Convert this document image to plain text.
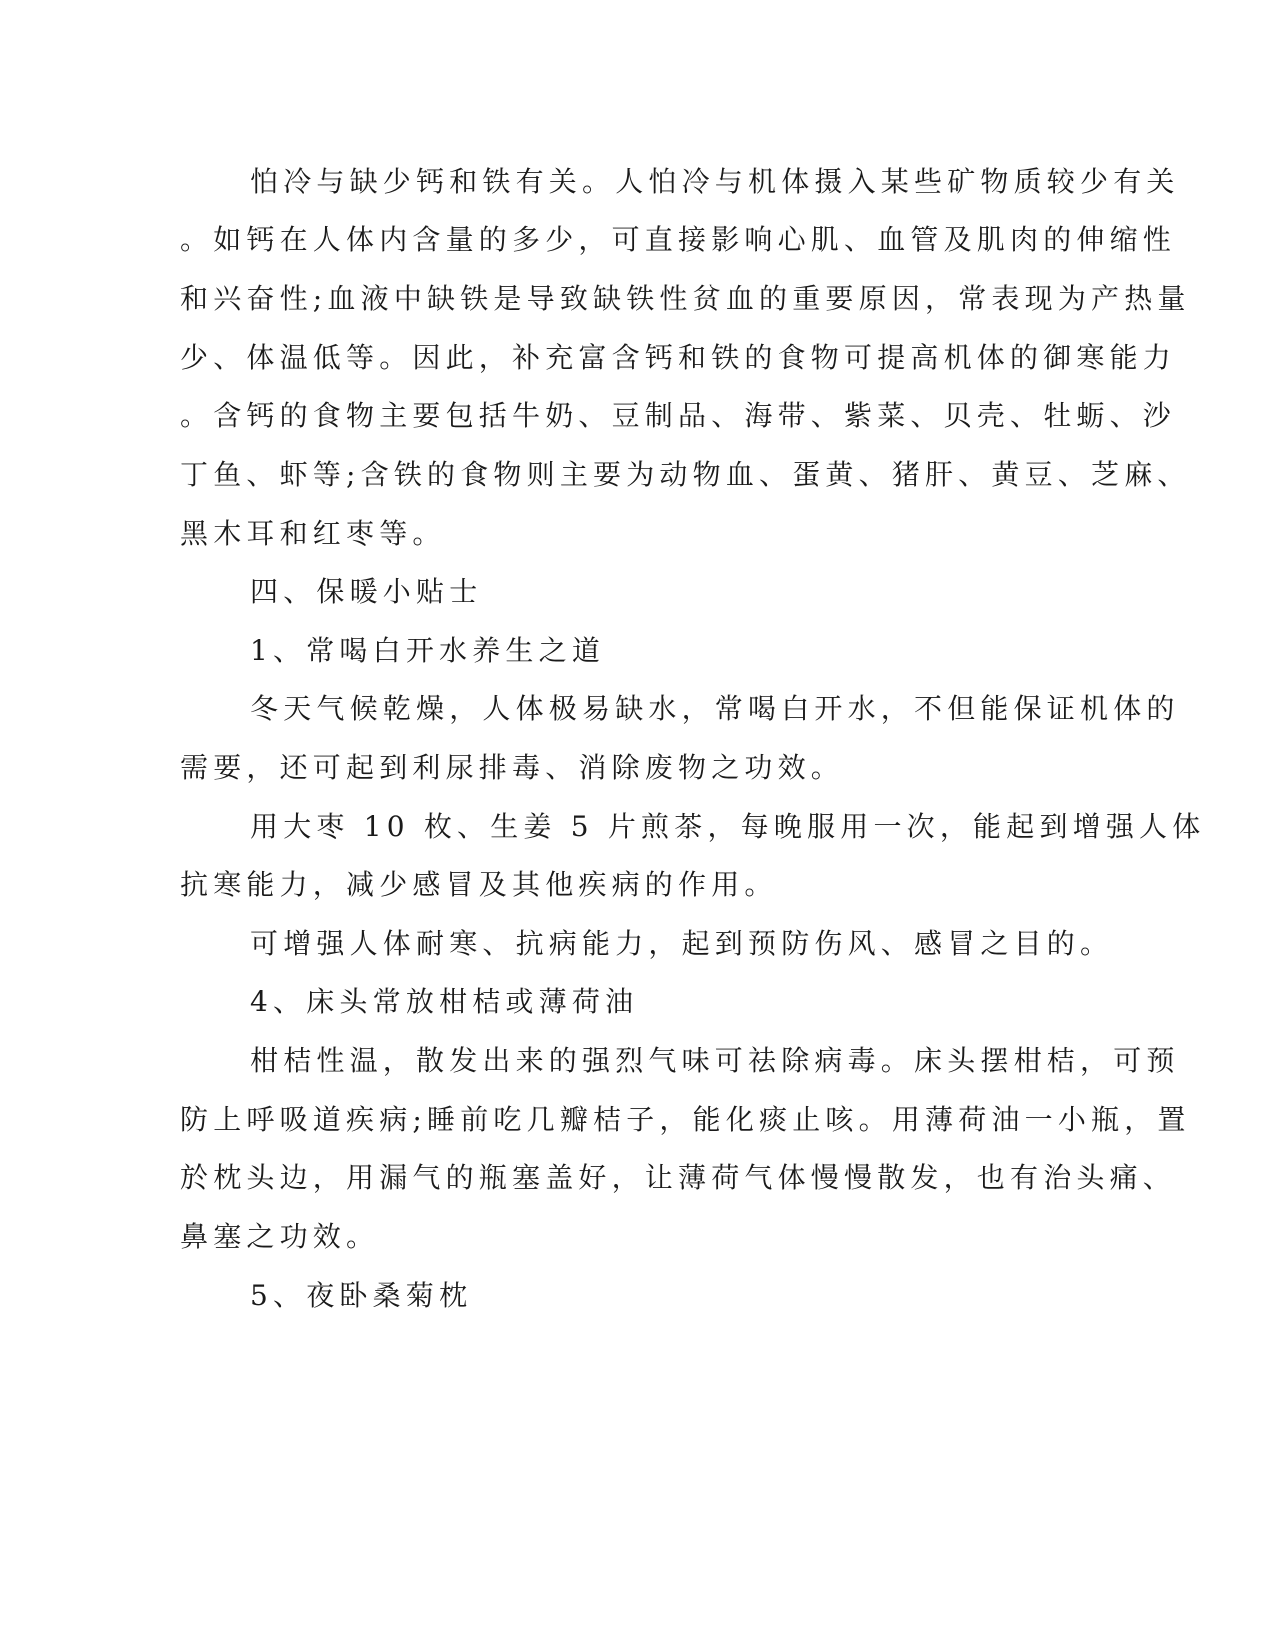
怕冷与缺少钙和铁有关。人怕冷与机体摄入某些矿物质较少有关
。如钙在人体内含量的多少，可直接影响心肌、血管及肌肉的伸缩性
和兴奋性;血液中缺铁是导致缺铁性贫血的重要原因，常表现为产热量
少、体温低等。因此，补充富含钙和铁的食物可提高机体的御寒能力
。含钙的食物主要包括牛奶、豆制品、海带、紫菜、贝壳、牡蛎、沙
丁鱼、虾等;含铁的食物则主要为动物血、蛋黄、猪肝、黄豆、芝麻、
黑木耳和红枣等。
四、保暖小贴士
1、常喝白开水养生之道
冬天气候乾燥，人体极易缺水，常喝白开水，不但能保证机体的
需要，还可起到利尿排毒、消除废物之功效。
用大枣 10 枚、生姜 5 片煎茶，每晚服用一次，能起到增强人体
抗寒能力，减少感冒及其他疾病的作用。
可增强人体耐寒、抗病能力，起到预防伤风、感冒之目的。
4、床头常放柑桔或薄荷油
柑桔性温，散发出来的强烈气味可祛除病毒。床头摆柑桔，可预
防上呼吸道疾病;睡前吃几瓣桔子，能化痰止咳。用薄荷油一小瓶，置
於枕头边，用漏气的瓶塞盖好，让薄荷气体慢慢散发，也有治头痛、
鼻塞之功效。
5、夜卧桑菊枕
